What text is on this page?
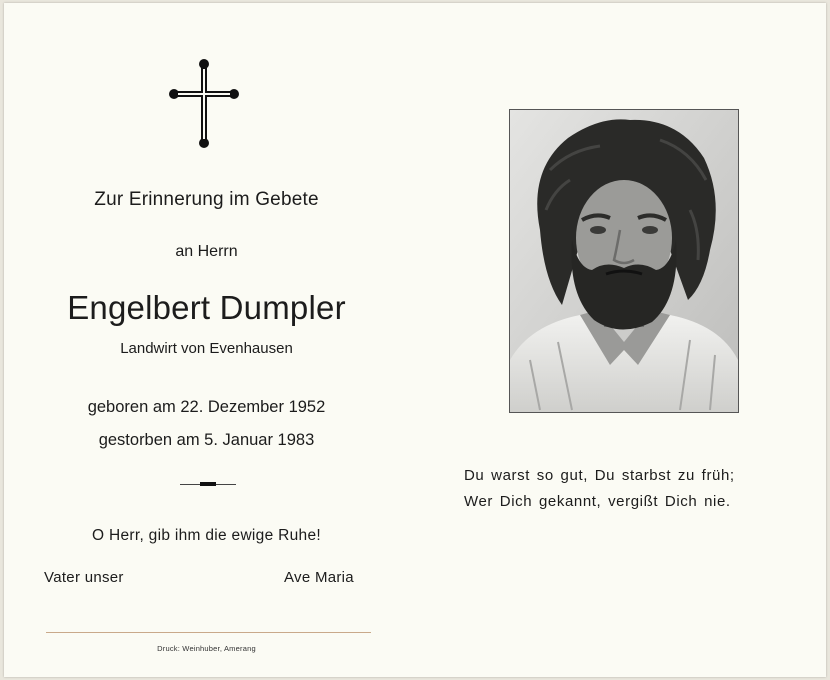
Zur Erinnerung im Gebete
an Herrn
Engelbert Dumpler
Landwirt von Evenhausen
geboren am 22. Dezember 1952
gestorben am 5. Januar 1983
O Herr, gib ihm die ewige Ruhe!
Vater unser	Ave Maria
Druck: Weinhuber, Amerang
Du warst so gut, Du starbst zu früh;
Wer Dich gekannt, vergißt Dich nie.
